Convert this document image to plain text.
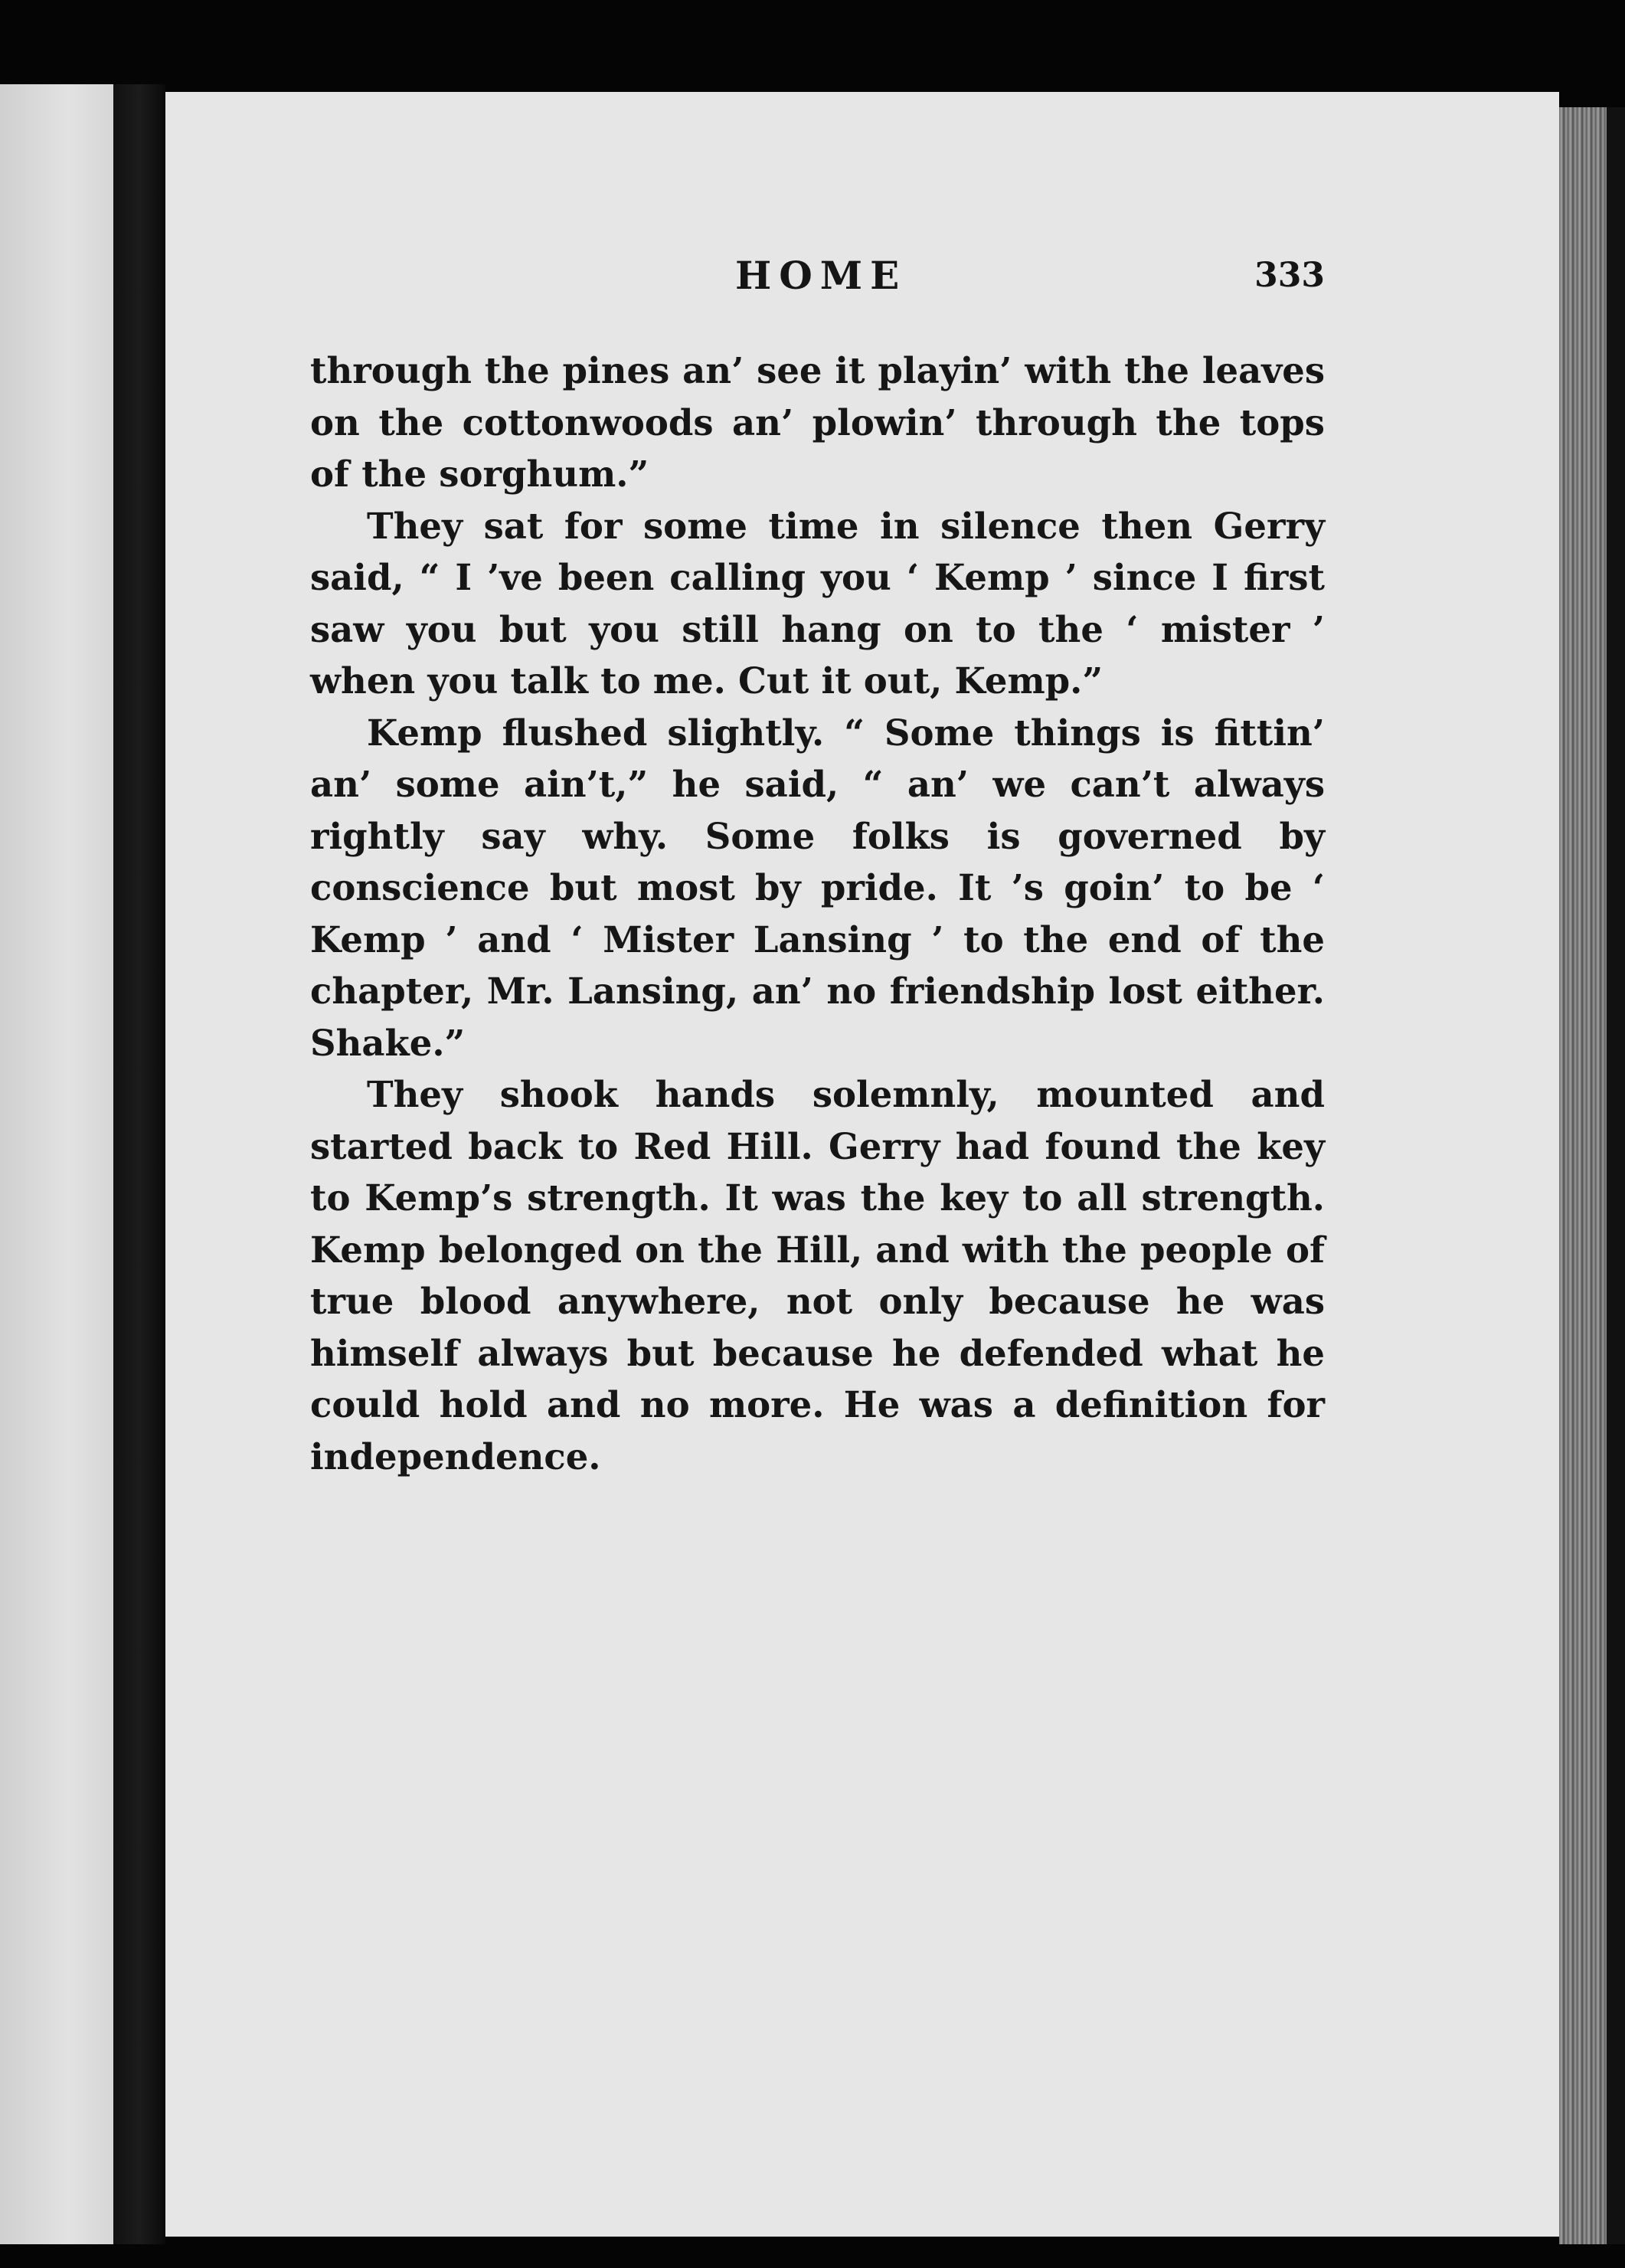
HOME	333

through the pines an’ see it playin’ with the leaves on the cottonwoods an’ plowin’ through the tops of the sorghum.”

They sat for some time in silence then Gerry said, “ I ’ve been calling you ‘ Kemp ’ since I first saw you but you still hang on to the ‘ mister ’ when you talk to me. Cut it out, Kemp.”

Kemp flushed slightly. “ Some things is fittin’ an’ some ain’t,” he said, “ an’ we can’t always rightly say why. Some folks is governed by conscience but most by pride. It ’s goin’ to be ‘ Kemp ’ and ‘ Mister Lansing ’ to the end of the chapter, Mr. Lansing, an’ no friendship lost either. Shake.”

They shook hands solemnly, mounted and started back to Red Hill. Gerry had found the key to Kemp’s strength. It was the key to all strength. Kemp belonged on the Hill, and with the people of true blood anywhere, not only because he was himself always but because he defended what he could hold and no more. He was a definition for independence.
